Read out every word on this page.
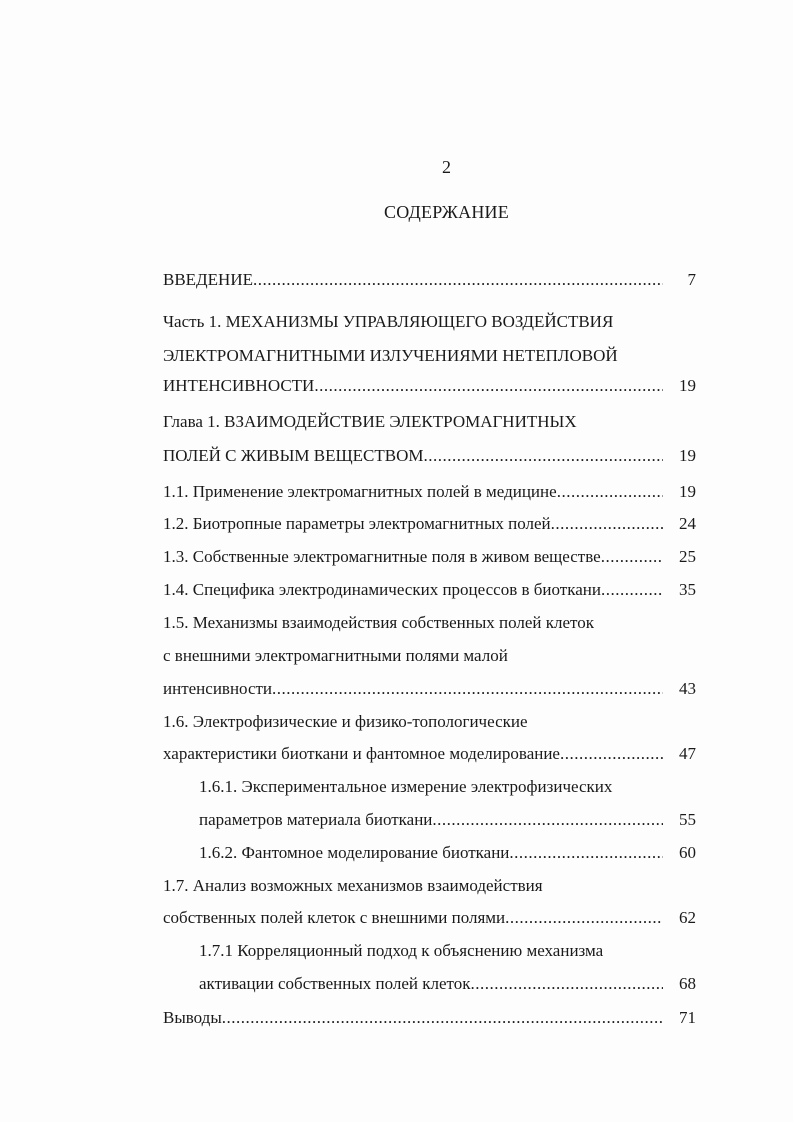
2
СОДЕРЖАНИЕ
ВВЕДЕНИЕ .....	7
Часть 1. МЕХАНИЗМЫ УПРАВЛЯЮЩЕГО ВОЗДЕЙСТВИЯ
ЭЛЕКТРОМАГНИТНЫМИ ИЗЛУЧЕНИЯМИ НЕТЕПЛОВОЙ
ИНТЕНСИВНОСТИ .....	19
Глава 1. ВЗАИМОДЕЙСТВИЕ ЭЛЕКТРОМАГНИТНЫХ
ПОЛЕЙ С ЖИВЫМ ВЕЩЕСТВОМ .....	19
1.1. Применение электромагнитных полей в медицине .....	19
1.2. Биотропные параметры электромагнитных полей .....	24
1.3. Собственные электромагнитные поля в живом веществе .....	25
1.4. Специфика электродинамических процессов в биоткани .....	35
1.5. Механизмы взаимодействия собственных полей клеток
с внешними электромагнитными полями малой
интенсивности .....	43
1.6. Электрофизические и физико-топологические
характеристики биоткани и фантомное моделирование .....	47
1.6.1. Экспериментальное измерение электрофизических
параметров материала биоткани .....	55
1.6.2. Фантомное моделирование биоткани .....	60
1.7. Анализ возможных механизмов взаимодействия
собственных полей клеток с внешними полями .....	62
1.7.1 Корреляционный подход к объяснению механизма
активации собственных полей клеток .....	68
Выводы .....	71
